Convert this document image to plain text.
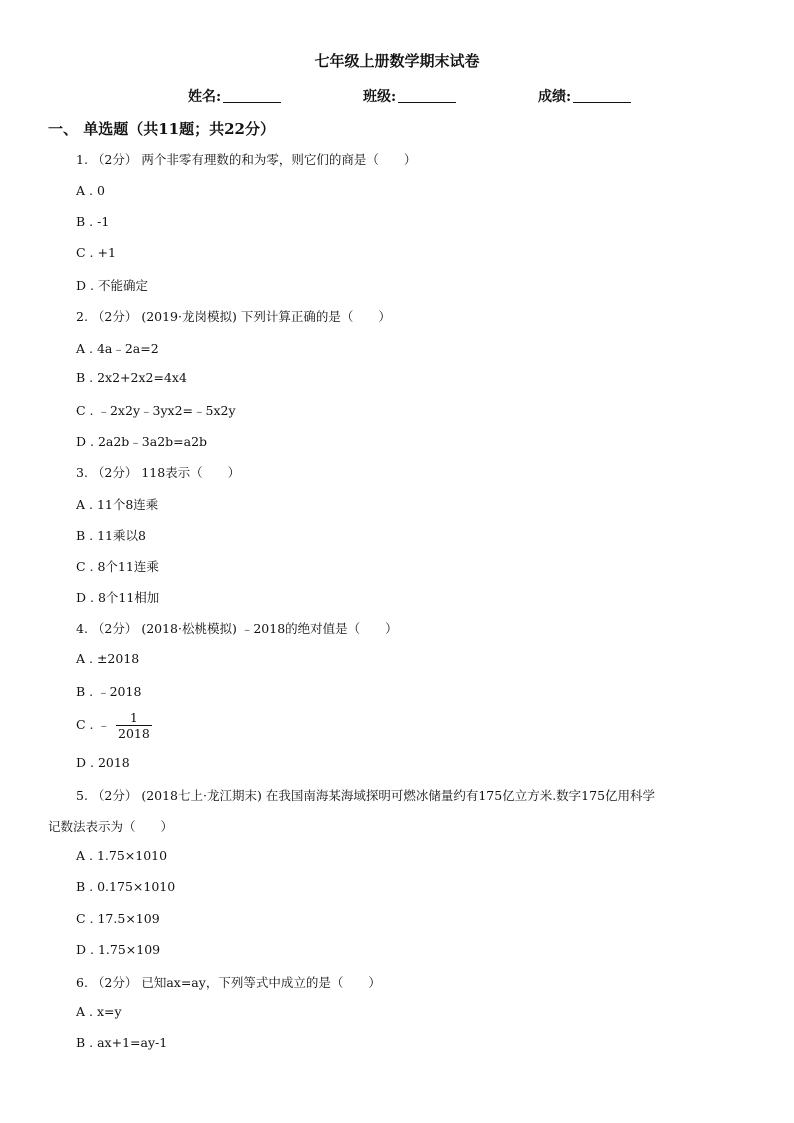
七年级上册数学期末试卷
姓名:	班级:	成绩:
一、 单选题（共11题；共22分）
1. （2分） 两个非零有理数的和为零，则它们的商是（　　）
A . 0
B . -1
C . +1
D . 不能确定
2. （2分） (2019·龙岗模拟) 下列计算正确的是（　　）
A . 4a﹣2a=2
B . 2x2+2x2=4x4
C . ﹣2x2y﹣3yx2=﹣5x2y
D . 2a2b﹣3a2b=a2b
3. （2分） 118表示（　　）
A . 11个8连乘
B . 11乘以8
C . 8个11连乘
D . 8个11相加
4. （2分） (2018·松桃模拟) ﹣2018的绝对值是（　　）
A . ±2018
B . ﹣2018
C . ﹣ $\frac{1}{2018}$
D . 2018
5. （2分） (2018七上·龙江期末) 在我国南海某海域探明可燃冰储量约有175亿立方米.数字175亿用科学
记数法表示为（　　）
A . 1.75×1010
B . 0.175×1010
C . 17.5×109
D . 1.75×109
6. （2分） 已知ax=ay，下列等式中成立的是（　　）
A . x=y
B . ax+1=ay-1
